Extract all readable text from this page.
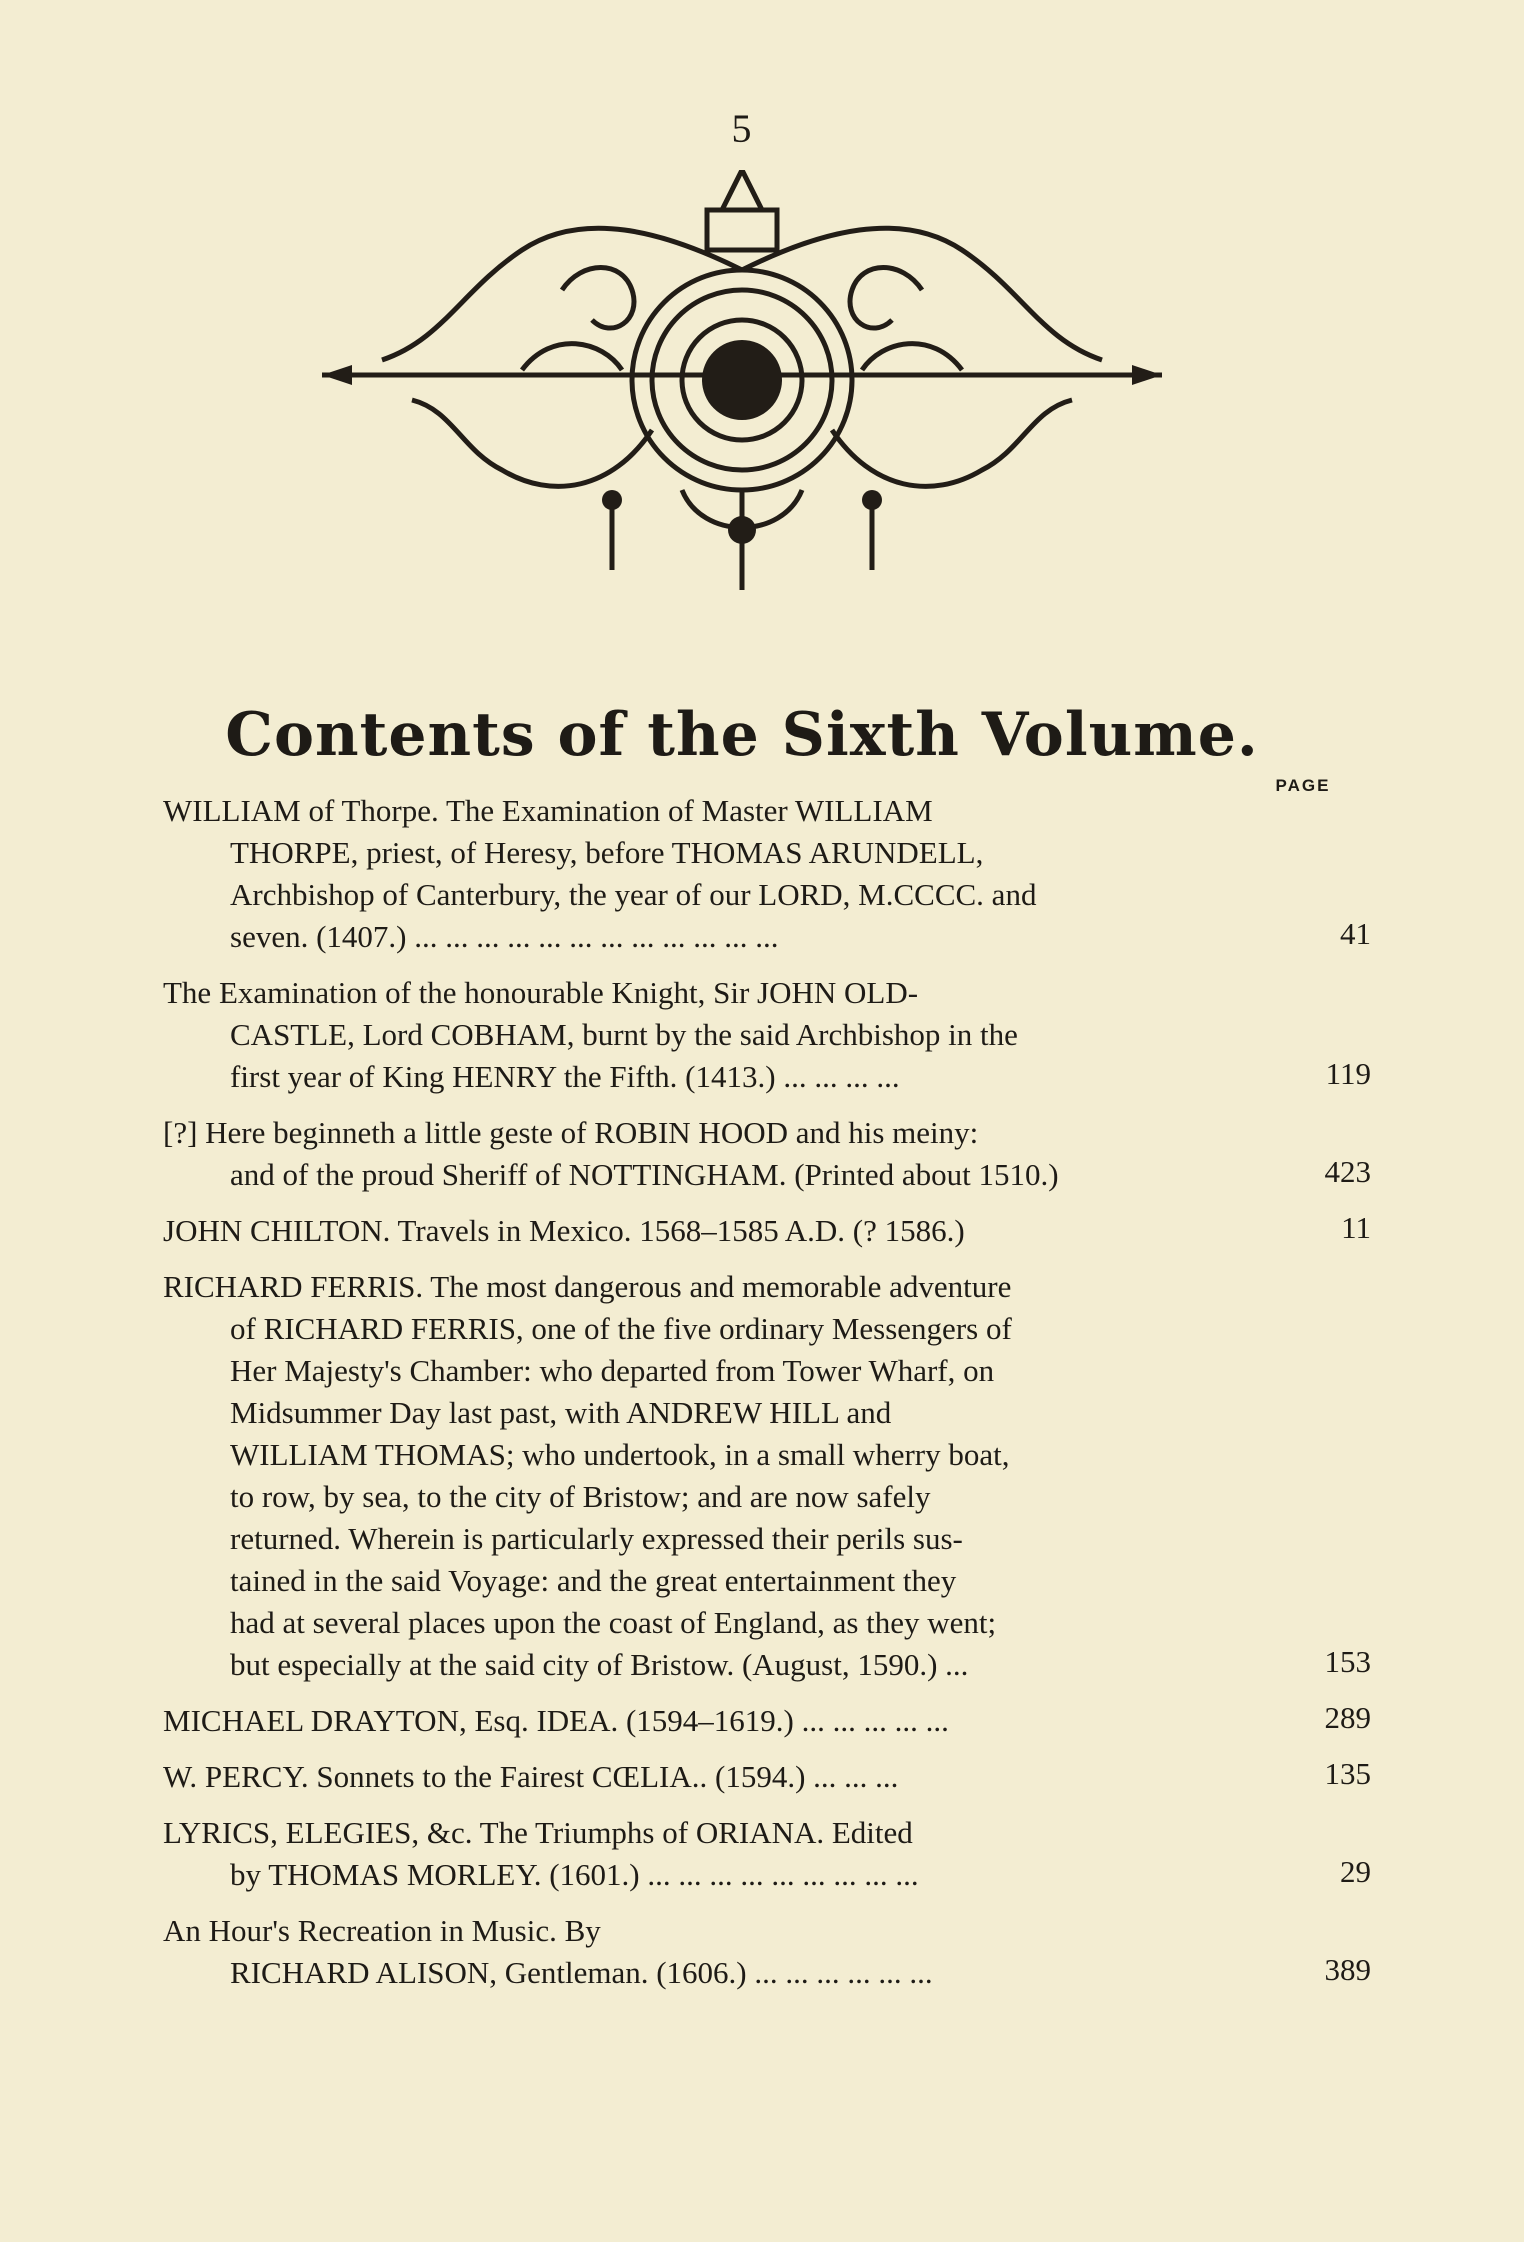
5
Contents of the Sixth Volume.
PAGE
WILLIAM of Thorpe. The Examination of Master WILLIAM
THORPE, priest, of Heresy, before THOMAS ARUNDELL,
Archbishop of Canterbury, the year of our LORD, M.CCCC. and
seven. (1407.) ... ... ... ... ... ... ... ... ... ... ... ...	41
The Examination of the honourable Knight, Sir JOHN OLD-
CASTLE, Lord COBHAM, burnt by the said Archbishop in the
first year of King HENRY the Fifth. (1413.) ... ... ... ...	119
[?] Here beginneth a little geste of ROBIN HOOD and his meiny:
and of the proud Sheriff of NOTTINGHAM. (Printed about 1510.)	423
JOHN CHILTON. Travels in Mexico. 1568–1585 A.D. (? 1586.)	11
RICHARD FERRIS. The most dangerous and memorable adventure
of RICHARD FERRIS, one of the five ordinary Messengers of
Her Majesty's Chamber: who departed from Tower Wharf, on
Midsummer Day last past, with ANDREW HILL and
WILLIAM THOMAS; who undertook, in a small wherry boat,
to row, by sea, to the city of Bristow; and are now safely
returned. Wherein is particularly expressed their perils sus-
tained in the said Voyage: and the great entertainment they
had at several places upon the coast of England, as they went;
but especially at the said city of Bristow. (August, 1590.) ...	153
MICHAEL DRAYTON, Esq. IDEA. (1594–1619.) ... ... ... ... ...	289
W. PERCY. Sonnets to the Fairest CŒLIA.. (1594.) ... ... ...	135
LYRICS, ELEGIES, &c. The Triumphs of ORIANA. Edited
by THOMAS MORLEY. (1601.) ... ... ... ... ... ... ... ... ...	29
An Hour's Recreation in Music. By
RICHARD ALISON, Gentleman. (1606.) ... ... ... ... ... ...	389
